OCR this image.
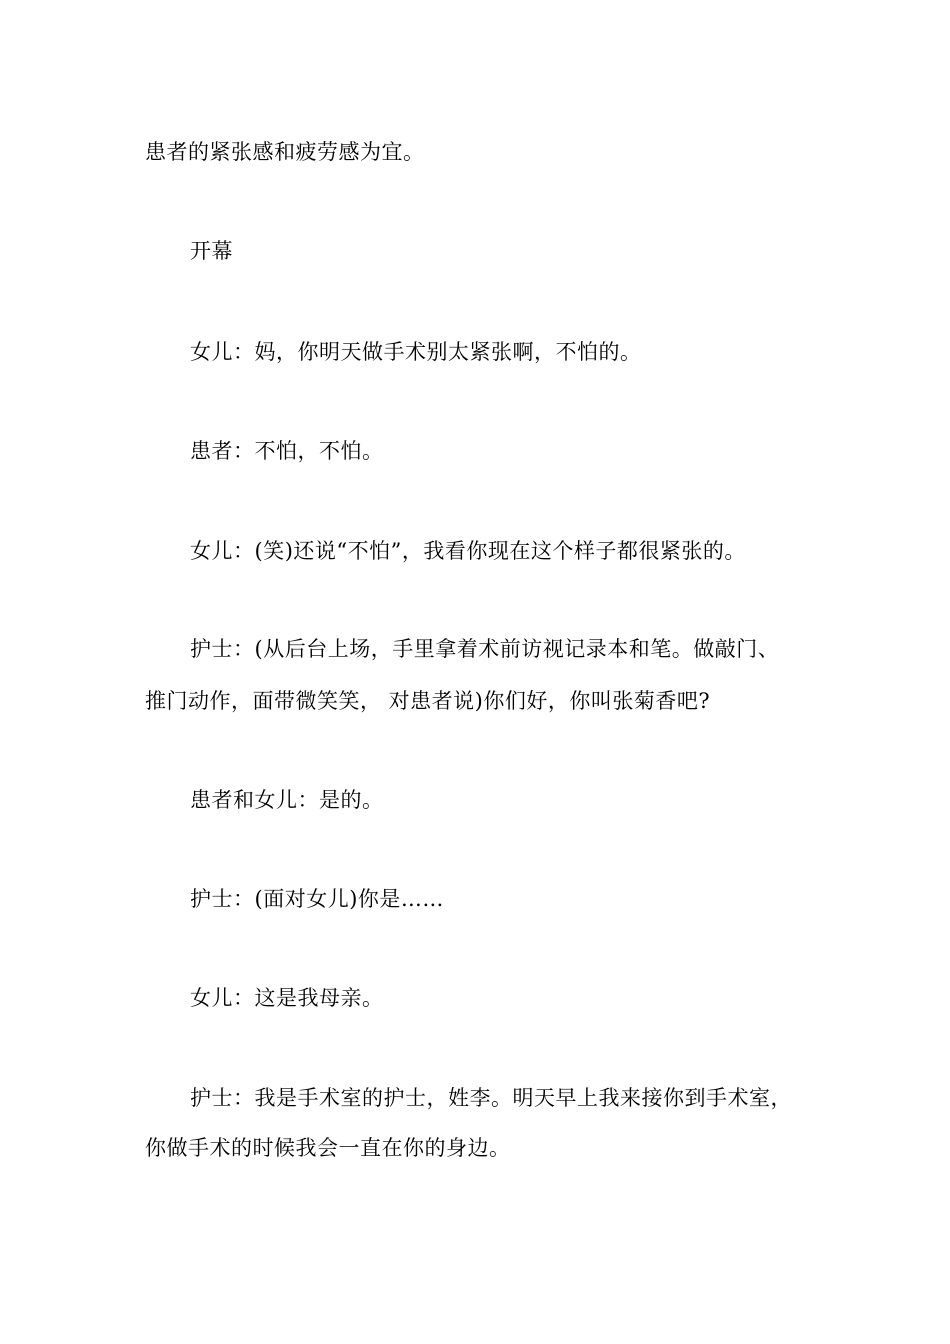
患者的紧张感和疲劳感为宜。
开幕
女儿：妈，你明天做手术别太紧张啊，不怕的。
患者：不怕，不怕。
女儿：(笑)还说“不怕”，我看你现在这个样子都很紧张的。
护士：(从后台上场，手里拿着术前访视记录本和笔。做敲门、
推门动作，面带微笑笑， 对患者说)你们好，你叫张菊香吧?
患者和女儿：是的。
护士：(面对女儿)你是……
女儿：这是我母亲。
护士：我是手术室的护士，姓李。明天早上我来接你到手术室，
你做手术的时候我会一直在你的身边。
